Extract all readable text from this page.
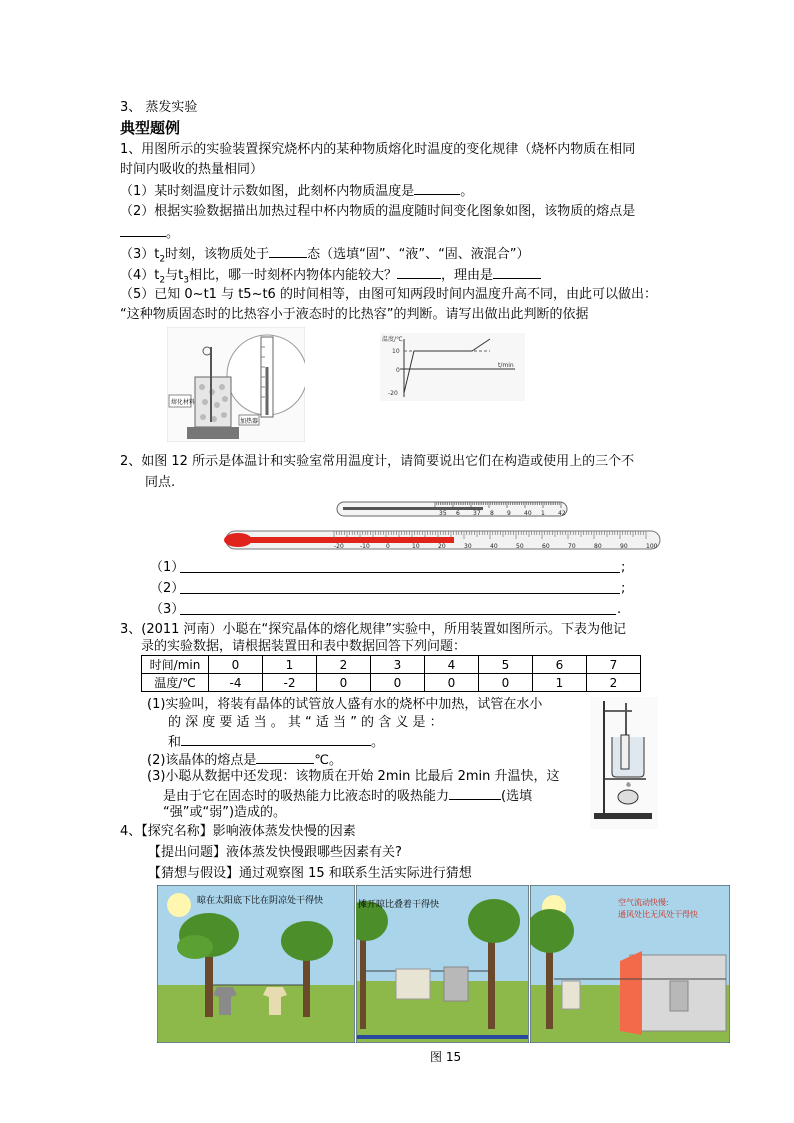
3、 蒸发实验
典型题例
1、用图所示的实验装置探究烧杯内的某种物质熔化时温度的变化规律（烧杯内物质在相同
时间内吸收的热量相同）
（1）某时刻温度计示数如图，此刻杯内物质温度是	。
（2）根据实验数据描出加热过程中杯内物质的温度随时间变化图象如图，该物质的熔点是
。
$(3)t_2$时刻，该物质处于	态（选填“固”、“液”、“固、液混合”）
$(4)t_2$与$t_3$相比，哪一时刻杯内物体内能较大？	，理由是
（5）已知 0~t1 与 t5~t6 的时间相等，由图可知两段时间内温度升高不同，由此可以做出：
“这种物质固态时的比热容小于液态时的比热容”的判断。请写出做出此判断的依据
熔化材料
加热器
温度/℃
10
0
-20
t/min
2、如图 12 所示是体温计和实验室常用温度计，请简要说出它们在构造或使用上的三个不
同点.
35 6 37 8 9 40 1 42
-20	-10	0	10	20	30	40	50	60	70	80	90	100
（1）	;
（2）	;
（3）	.
3、(2011 河南）小聪在“探究晶体的熔化规律”实验中，所用装置如图所示。下表为他记
录的实验数据，请根据装置田和表中数据回答下列问题：
时间/min	0	1	2	3	4	5	6	7
温度/℃	-4	-2	0	0	0	0	1	2
(1)实验叫，将装有晶体的试管放人盛有水的烧杯中加热，试管在水小
的 深 度 要 适 当 。 其 “ 适 当 ” 的 含 义 是 ：
和	。
(2)该晶体的熔点是	℃。
(3)小聪从数据中还发现：该物质在开始 2min 比最后 2min 升温快，这
是由于它在固态时的吸热能力比液态时的吸热能力	(选填
“强”或“弱”)造成的。
4、【探究名称】影响液体蒸发快慢的因素
【提出问题】液体蒸发快慢跟哪些因素有关?
【猜想与假设】通过观察图 15 和联系生活实际进行猜想
晾在太阳底下比在阴凉处干得快	摊开晾比叠着干得快	空气流动快慢:
通风处比无风处干得快
图 15
